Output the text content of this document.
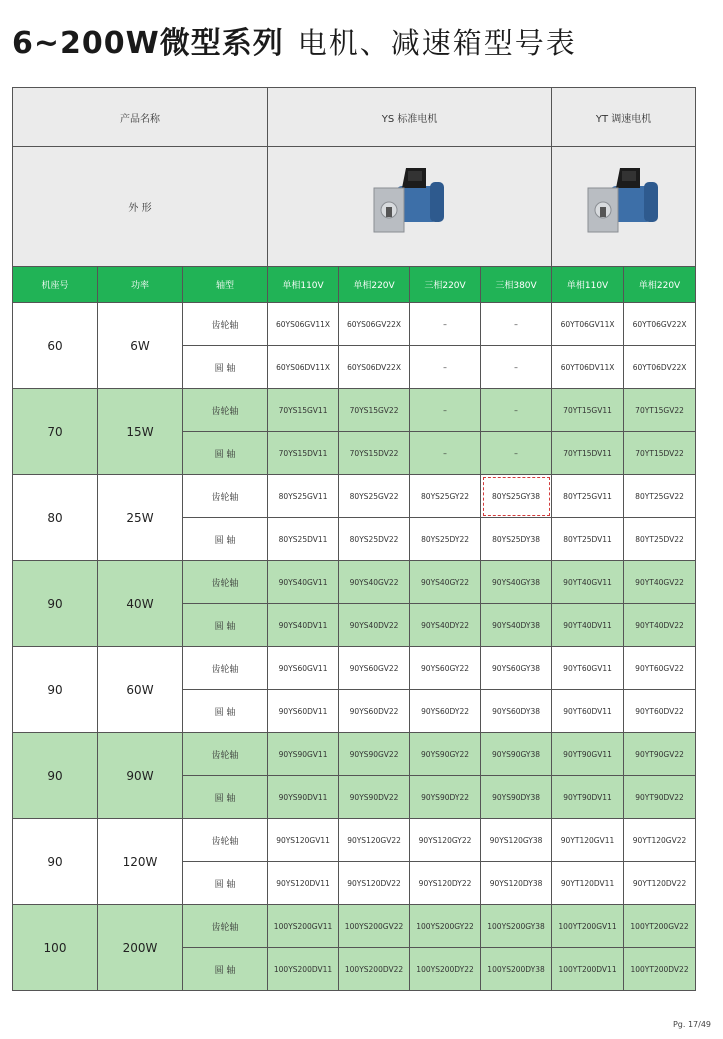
6~200W微型系列 电机、减速箱型号表
产品名称			YS 标准电机				YT 调速电机	
外 形		
机座号	功率	轴型	单相110V	单相220V	三相220V	三相380V	单相110V	单相220V
60	6W	齿轮轴	60YS06GV11X	60YS06GV22X	–	–	60YT06GV11X	60YT06GV22X
		圆 轴	60YS06DV11X	60YS06DV22X	–	–	60YT06DV11X	60YT06DV22X
70	15W	齿轮轴	70YS15GV11	70YS15GV22	–	–	70YT15GV11	70YT15GV22
		圆 轴	70YS15DV11	70YS15DV22	–	–	70YT15DV11	70YT15DV22
80	25W	齿轮轴	80YS25GV11	80YS25GV22	80YS25GY22	80YS25GY38	80YT25GV11	80YT25GV22
		圆 轴	80YS25DV11	80YS25DV22	80YS25DY22	80YS25DY38	80YT25DV11	80YT25DV22
90	40W	齿轮轴	90YS40GV11	90YS40GV22	90YS40GY22	90YS40GY38	90YT40GV11	90YT40GV22
		圆 轴	90YS40DV11	90YS40DV22	90YS40DY22	90YS40DY38	90YT40DV11	90YT40DV22
90	60W	齿轮轴	90YS60GV11	90YS60GV22	90YS60GY22	90YS60GY38	90YT60GV11	90YT60GV22
		圆 轴	90YS60DV11	90YS60DV22	90YS60DY22	90YS60DY38	90YT60DV11	90YT60DV22
90	90W	齿轮轴	90YS90GV11	90YS90GV22	90YS90GY22	90YS90GY38	90YT90GV11	90YT90GV22
		圆 轴	90YS90DV11	90YS90DV22	90YS90DY22	90YS90DY38	90YT90DV11	90YT90DV22
90	120W	齿轮轴	90YS120GV11	90YS120GV22	90YS120GY22	90YS120GY38	90YT120GV11	90YT120GV22
		圆 轴	90YS120DV11	90YS120DV22	90YS120DY22	90YS120DY38	90YT120DV11	90YT120DV22
100	200W	齿轮轴	100YS200GV11	100YS200GV22	100YS200GY22	100YS200GY38	100YT200GV11	100YT200GV22
		圆 轴	100YS200DV11	100YS200DV22	100YS200DY22	100YS200DY38	100YT200DV11	100YT200DV22
Pg. 17/49
